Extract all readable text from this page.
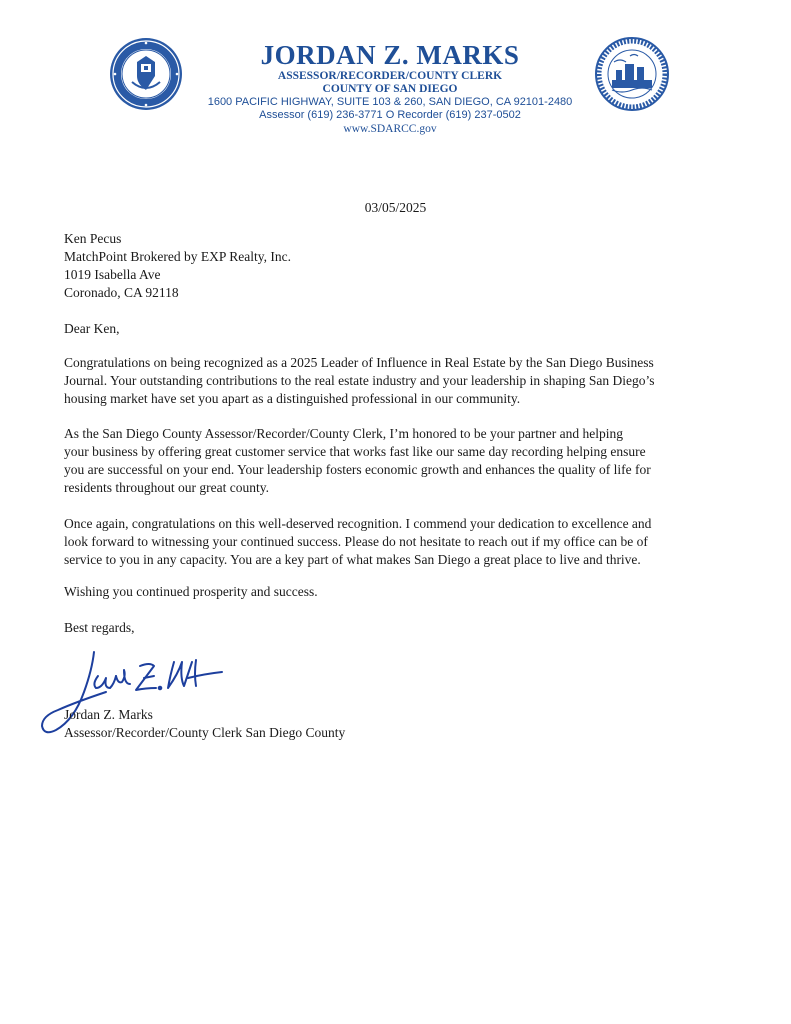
JORDAN Z. MARKS
ASSESSOR/RECORDER/COUNTY CLERK
COUNTY OF SAN DIEGO
1600 PACIFIC HIGHWAY, SUITE 103 & 260, SAN DIEGO, CA 92101-2480
Assessor (619) 236-3771 O Recorder (619) 237-0502
www.SDARCC.gov
03/05/2025
Ken Pecus
MatchPoint Brokered by EXP Realty, Inc.
1019 Isabella Ave
Coronado, CA 92118
Dear Ken,
Congratulations on being recognized as a 2025 Leader of Influence in Real Estate by the San Diego Business
Journal. Your outstanding contributions to the real estate industry and your leadership in shaping San Diego’s
housing market have set you apart as a distinguished professional in our community.
As the San Diego County Assessor/Recorder/County Clerk, I’m honored to be your partner and helping
your business by offering great customer service that works fast like our same day recording helping ensure
you are successful on your end. Your leadership fosters economic growth and enhances the quality of life for
residents throughout our great county.
Once again, congratulations on this well-deserved recognition. I commend your dedication to excellence and
look forward to witnessing your continued success. Please do not hesitate to reach out if my office can be of
service to you in any capacity. You are a key part of what makes San Diego a great place to live and thrive.
Wishing you continued prosperity and success.
Best regards,
Jordan Z. Marks
Assessor/Recorder/County Clerk San Diego County
